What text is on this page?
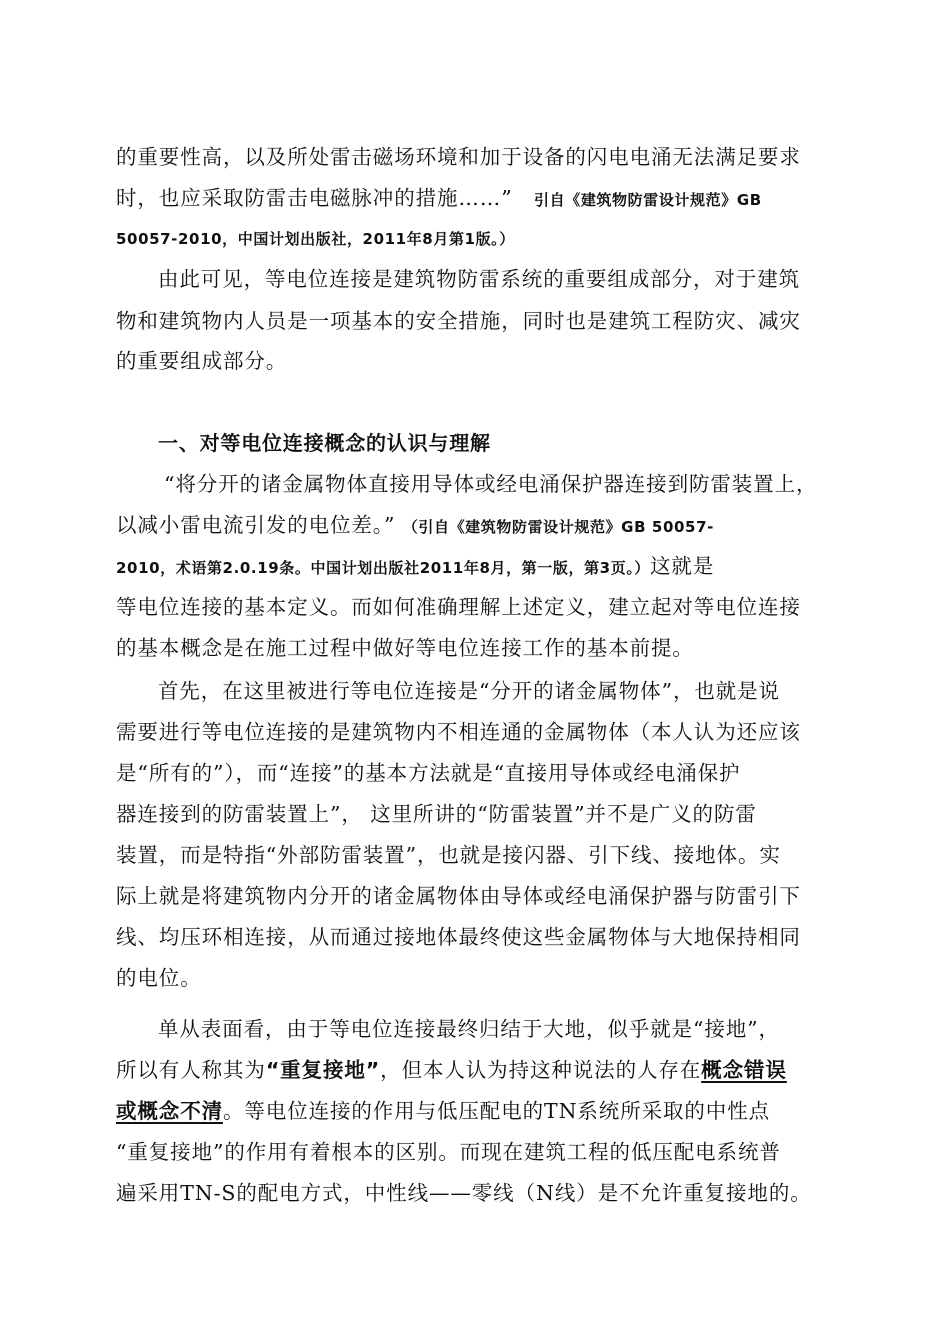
的重要性高，以及所处雷击磁场环境和加于设备的闪电电涌无法满足要求
时，也应采取防雷击电磁脉冲的措施……” 引自《建筑物防雷设计规范》GB
50057-2010，中国计划出版社，2011年8月第1版。）
由此可见，等电位连接是建筑物防雷系统的重要组成部分，对于建筑
物和建筑物内人员是一项基本的安全措施，同时也是建筑工程防灾、减灾
的重要组成部分。
一、对等电位连接概念的认识与理解
“将分开的诸金属物体直接用导体或经电涌保护器连接到防雷装置上，
以减小雷电流引发的电位差。” （引自《建筑物防雷设计规范》GB 50057-
2010，术语第2.0.19条。中国计划出版社2011年8月，第一版，第3页。）这就是
等电位连接的基本定义。而如何准确理解上述定义，建立起对等电位连接
的基本概念是在施工过程中做好等电位连接工作的基本前提。
首先，在这里被进行等电位连接是“分开的诸金属物体”，也就是说
需要进行等电位连接的是建筑物内不相连通的金属物体（本人认为还应该
是“所有的”），而“连接”的基本方法就是“直接用导体或经电涌保护
器连接到的防雷装置上”， 这里所讲的“防雷装置”并不是广义的防雷
装置，而是特指“外部防雷装置”，也就是接闪器、引下线、接地体。实
际上就是将建筑物内分开的诸金属物体由导体或经电涌保护器与防雷引下
线、均压环相连接，从而通过接地体最终使这些金属物体与大地保持相同
的电位。
单从表面看，由于等电位连接最终归结于大地，似乎就是“接地”，
所以有人称其为“重复接地”，但本人认为持这种说法的人存在概念错误
或概念不清。等电位连接的作用与低压配电的TN系统所采取的中性点
“重复接地”的作用有着根本的区别。而现在建筑工程的低压配电系统普
遍采用TN-S的配电方式，中性线——零线（N线）是不允许重复接地的。
